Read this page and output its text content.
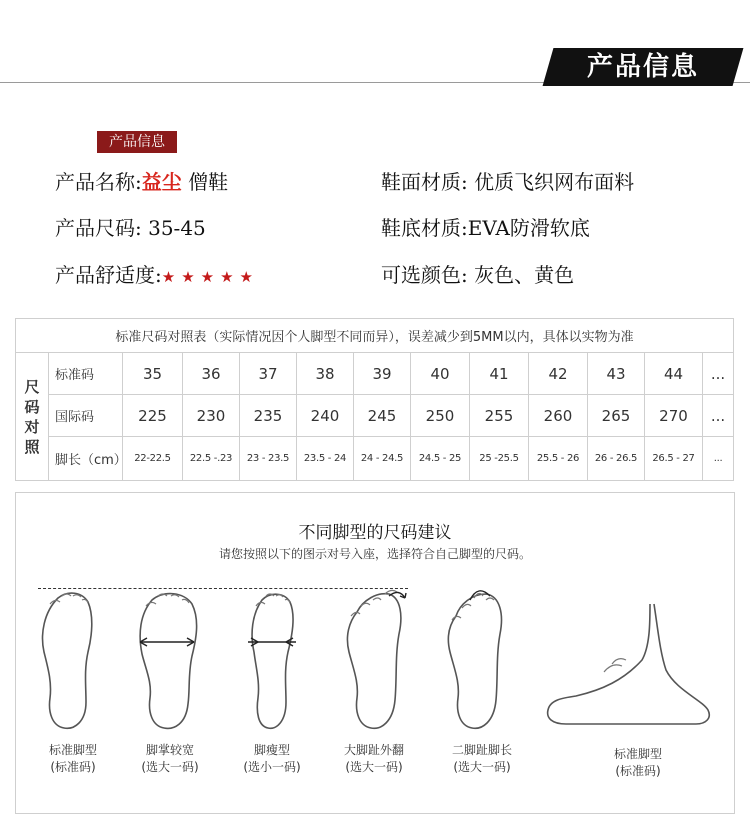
产品信息
产品信息
产品名称:益尘 僧鞋
产品尺码: 35-45
产品舒适度:★★★★★
鞋面材质: 优质飞织网布面料
鞋底材质:EVA防滑软底
可选颜色: 灰色、黄色
标准尺码对照表（实际情况因个人脚型不同而异），误差减少到5MM以内，具体以实物为准												

尺
码
对
照	标准码	35	36	37	38	39	40	41	42	43	44	...
	国际码	225	230	235	240	245	250	255	260	265	270	...
	脚长（cm）	22-22.5	22.5 -.23	23 - 23.5	23.5 - 24	24 - 24.5	24.5 - 25	25 -25.5	25.5 - 26	26 - 26.5	26.5 - 27	...
不同脚型的尺码建议
请您按照以下的图示对号入座，选择符合自己脚型的尺码。
标准脚型
(标准码)
脚掌较宽
(选大一码)
脚瘦型
(选小一码)
大脚趾外翻
(选大一码)
二脚趾脚长
(选大一码)
标准脚型
(标准码)
